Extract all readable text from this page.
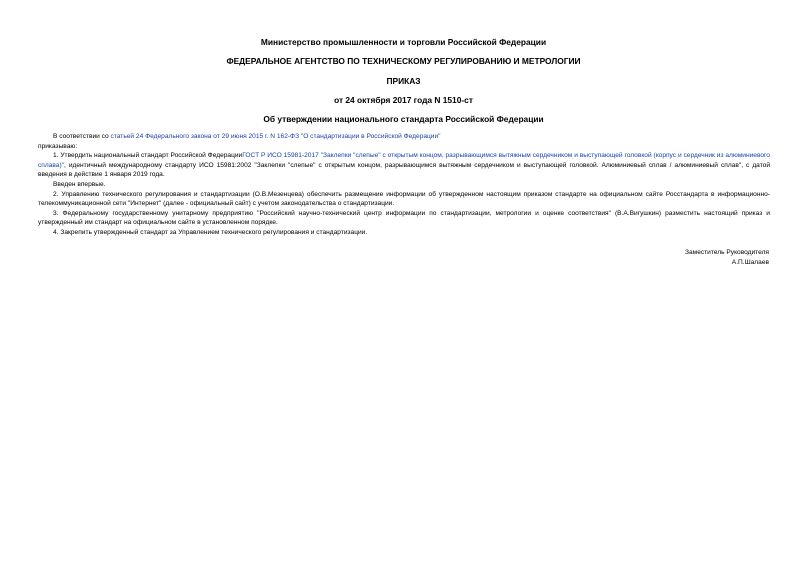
Министерство промышленности и торговли Российской Федерации
ФЕДЕРАЛЬНОЕ АГЕНТСТВО ПО ТЕХНИЧЕСКОМУ РЕГУЛИРОВАНИЮ И МЕТРОЛОГИИ
ПРИКАЗ
от 24 октября 2017 года N 1510-ст
Об утверждении национального стандарта Российской Федерации

В соответствии со статьей 24 Федерального закона от 29 июня 2015 г. N 162-ФЗ "О стандартизации в Российской Федерации"

приказываю:

1. Утвердить национальный стандарт Российской ФедерацииГОСТ Р ИСО 15981-2017 "Заклепки "слепые" с открытым концом, разрывающимся вытяжным сердечником и выступающей головкой (корпус и сердечник из алюминиевого сплава)", идентичный международному стандарту ИСО 15981:2002 "Заклепки "слепые" с открытым концом, разрывающимся вытяжным сердечником и выступающей головкой. Алюминиевый сплав / алюминиевый сплав", с датой введения в действие 1 января 2019 года.

Введен впервые.

2. Управлению технического регулирования и стандартизации (О.В.Мезенцева) обеспечить размещение информации об утвержденном настоящим приказом стандарте на официальном сайте Росстандарта в информационно-телекоммуникационной сети "Интернет" (далее - официальный сайт) с учетом законодательства о стандартизации.

3. Федеральному государственному унитарному предприятию "Российский научно-технический центр информации по стандартизации, метрологии и оценке соответствия" (В.А.Вигушкин) разместить настоящий приказ и утвержденный им стандарт на официальном сайте в установленном порядке.

4. Закрепить утвержденный стандарт за Управлением технического регулирования и стандартизации.

Заместитель Руководителя
А.П.Шалаев
